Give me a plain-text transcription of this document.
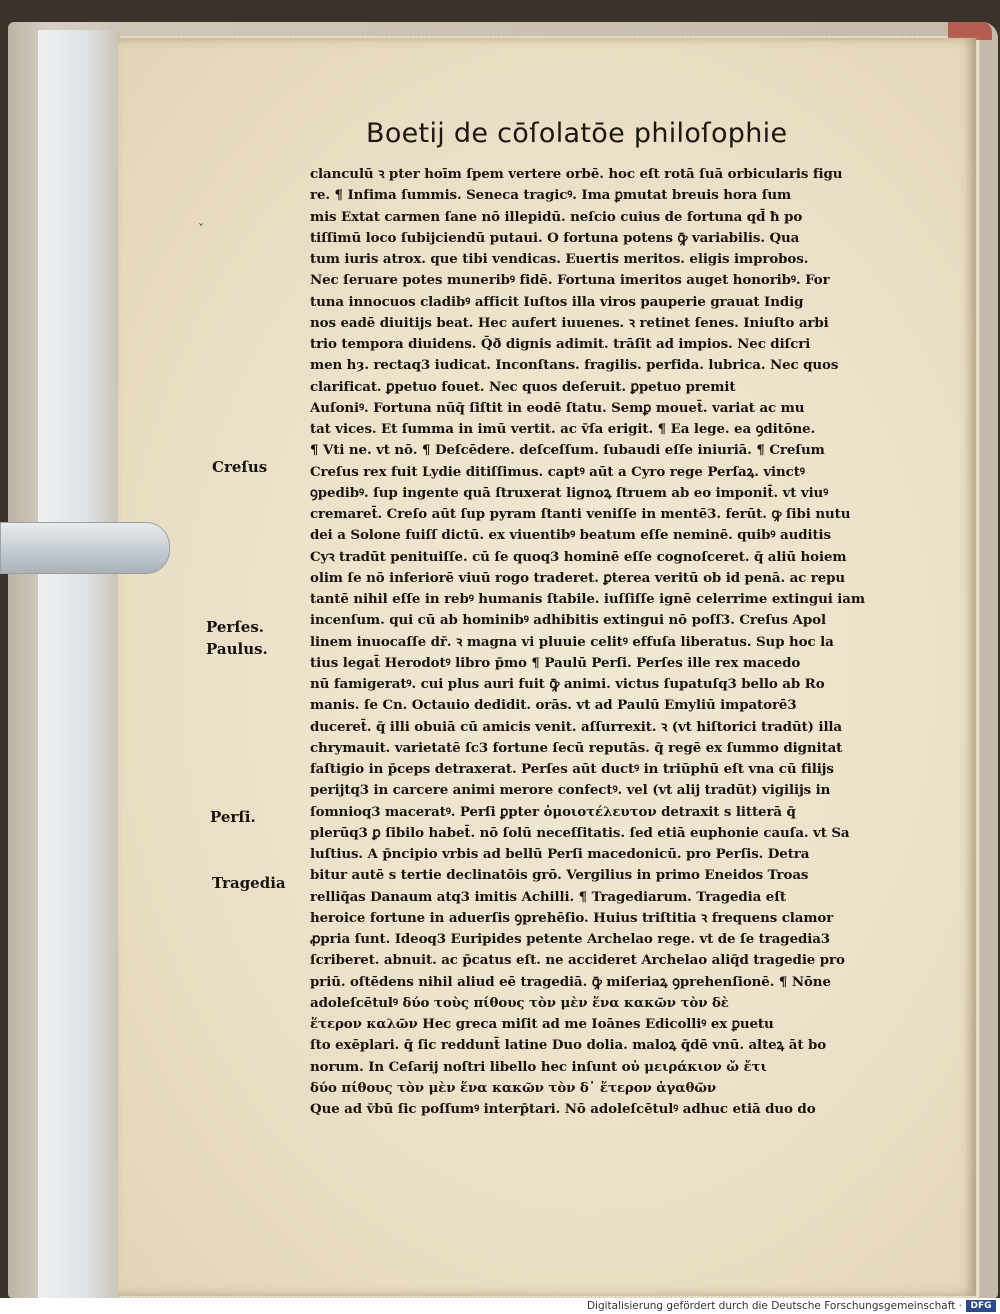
Boetij de cōſolatōe philoſophie
ˇ
clanculū ꝛ pter hoīm ſpem vertere orbē. hoc eſt rotā ſuā orbicularis figu
re. ¶ Infima ſummis. Seneca tragicꝰ. Ima ꝑmutat breuis hora ſum
mis Extat carmen ſane nō illepidū. neſcio cuius de fortuna qd̄ ħ po
tiſſimū loco ſubijciendū putaui. O fortuna potens ꝙ̄ variabilis. Qua
tum iuris atrox. que tibi vendicas. Euertis meritos. eligis improbos.
Nec ſeruare potes muneribꝰ fidē. Fortuna imeritos auget honoribꝰ. For
tuna innocuos cladibꝰ afficit Iuſtos illa viros pauperie grauat Indig
nos eadē diuitijs beat. Hec aufert iuuenes. ꝛ retinet ſenes. Iniuſto arbi
trio tempora diuidens. Q̄ð dignis adimit. trāſit ad impios. Nec diſcri
men hȝ. rectaq3 iudicat. Inconſtans. fragilis. perfida. lubrica. Nec quos
clarificat. ꝑpetuo fouet. Nec quos deſeruit. ꝑpetuo premit
Auſoniꝰ. Fortuna nūq̄ ſiſtit in eodē ſtatu. Semꝑ mouet̄. variat ac mu
tat vices. Et ſumma in imū vertit. ac v̄ſa erigit. ¶ Ea lege. ea ꝯditōne.
¶ Vti ne. vt nō. ¶ Deſcēdere. deſceſſum. ſubaudi eſſe iniuriā. ¶ Creſum
Creſus rex fuit Lydie ditiſſimus. captꝰ aūt a Cyro rege Perſaꝝ. vinctꝰ
ꝯpedibꝰ. ſup ingente quā ſtruxerat lignoꝝ ſtruem ab eo imponit̄. vt viuꝰ
cremaret̄. Creſo aūt ſup pyram ſtanti veniſſe in mentē3. ferūt. ꝙ ſibi nutu
dei a Solone fuiſſ dictū. ex viuentibꝰ beatum eſſe neminē. quibꝰ auditis
Cyꝛ tradūt penituiſſe. cū ſe quoq3 hominē eſſe cognoſceret. q̄ aliū hoiem
olim ſe nō inferiorē viuū rogo traderet. ꝑterea veritū ob id penā. ac repu
tantē nihil eſſe in rebꝰ humanis ſtabile. iuſſiſſe ignē celerrime extingui iam
incenſum. qui cū ab hominibꝰ adhibitis extingui nō poſſ3. Creſus Apol
linem inuocaſſe dr̄. ꝛ magna vi pluuie celitꝰ effuſa liberatus. Sup hoc la
tius legat̄ Herodotꝰ libro p̄mo ¶ Paulū Perſi. Perſes ille rex macedo
nū famigeratꝰ. cui plus auri fuit ꝙ̄ animi. victus ſupatuſq3 bello ab Ro
manis. ſe Cn. Octauio dedidit. orās. vt ad Paulū Emyliū impatorē3
duceret̄. q̄ illi obuiā cū amicis venit. aſſurrexit. ꝛ (vt hiſtorici tradūt) illa
chrymauit. varietatē ſc3 fortune ſecū reputās. q̄ regē ex ſummo dignitat
faſtigio in p̄ceps detraxerat. Perſes aūt ductꝰ in triūphū eſt vna cū filijs
perijtq3 in carcere animi merore confectꝰ. vel (vt alij tradūt) vigilijs in
ſomnioq3 maceratꝰ. Perſi ꝑpter ὁμοιοτέλευτον detraxit s litterā q̄
plerūq3 ꝑ ſibilo habet̄. nō ſolū neceſſitatis. ſed etiā euphonie cauſa. vt Sa
luſtius. A p̄ncipio vrbis ad bellū Perſi macedonicū. pro Perſis. Detra
bitur autē s tertie declinatōis grō. Vergilius in primo Eneidos Troas
relliq̄as Danaum atq3 imitis Achilli. ¶ Tragediarum. Tragedia eſt
heroice fortune in aduerſis ꝯprehēſio. Huius triſtitia ꝛ frequens clamor
ꝓpria ſunt. Ideoq3 Euripides petente Archelao rege. vt de ſe tragedia3
ſcriberet. abnuit. ac p̄catus eſt. ne accideret Archelao aliq̄d tragedie pro
priū. oſtēdens nihil aliud eē tragediā. ꝙ̄ miſeriaꝝ ꝯprehenſionē. ¶ Nōne
adoleſcētulꝰ δύο τοὺς πίθους τὸν μὲν ἕνα κακῶν τὸν δὲ
ἕτερον καλῶν Hec greca miſit ad me Ioānes Edicolliꝰ ex ꝑuetu
ſto exēplari. q̄ ſic reddunt̄ latine Duo dolia. maloꝝ q̄dē vnū. alteꝝ āt bo
norum. In Ceſarij noſtri libello hec inſunt οὐ μειράκιον ὤ ἔτι
δύο πίθους τὸν μὲν ἕνα κακῶν τὸν δ᾽ ἕτερον ἀγαθῶν
Que ad v̄bū ſic poſſumꝰ interp̄tari. Nō adoleſcētulꝰ adhuc etiā duo do
Creſus
Perſes.
Paulus.
Perſi.
Tragedia
Digitalisierung gefördert durch die Deutsche Forschungsgemeinschaft · DFG
